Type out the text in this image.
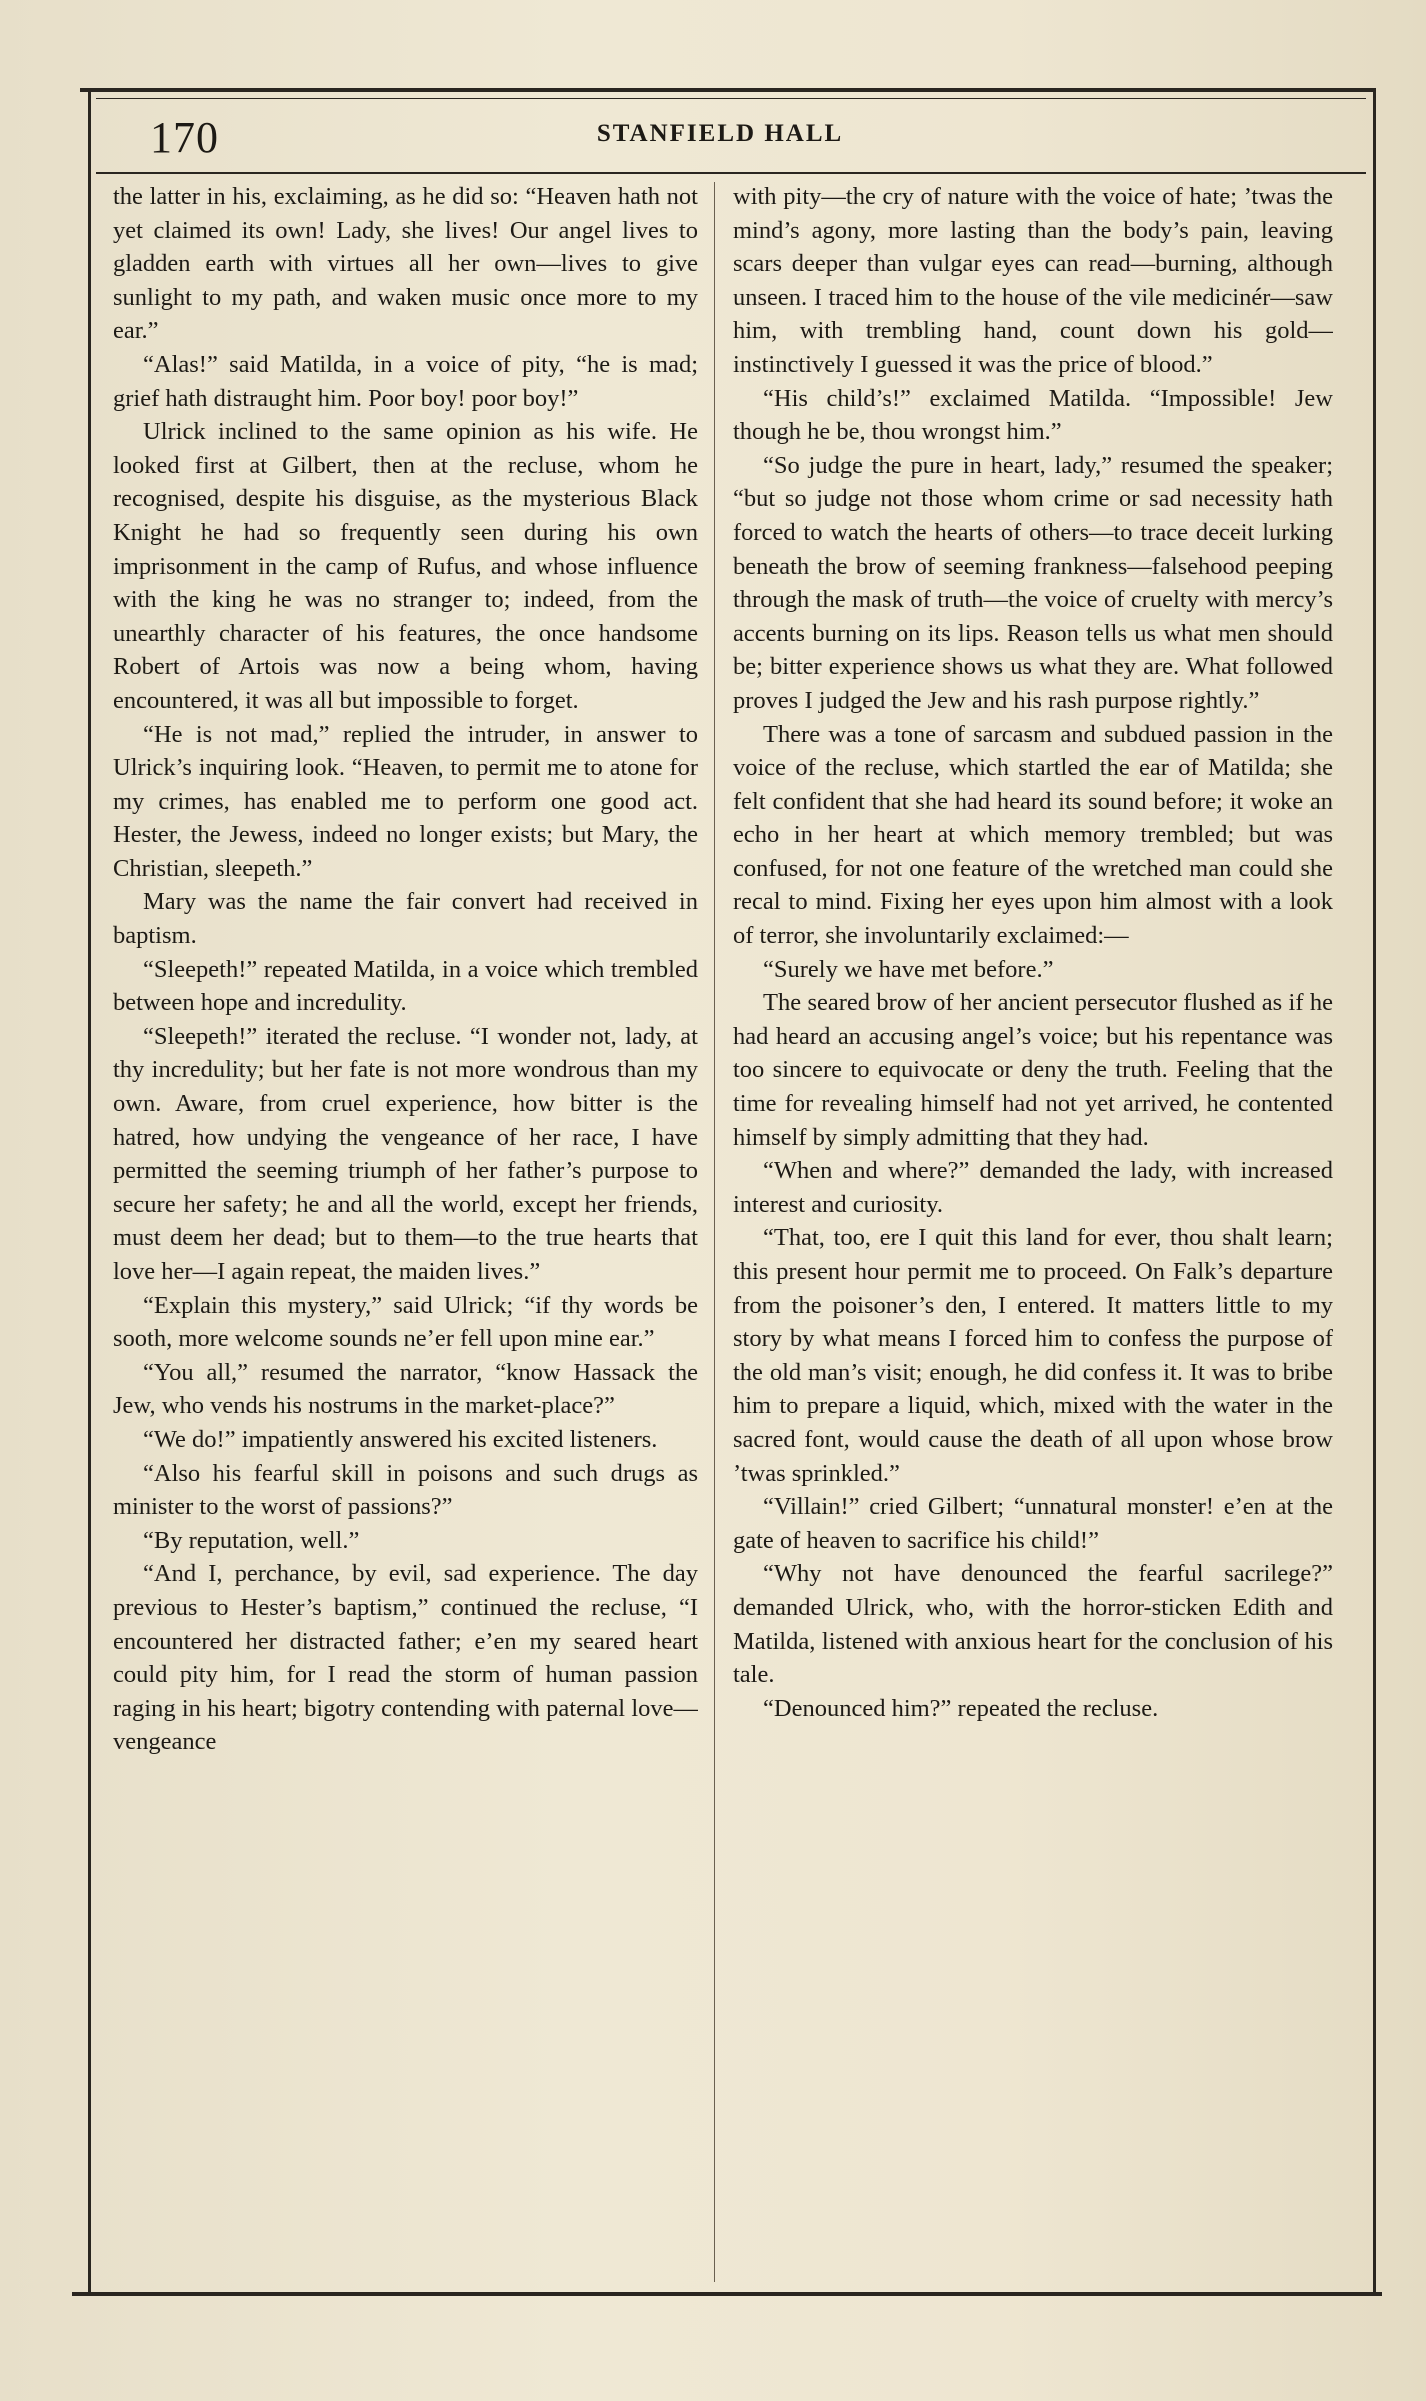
170	STANFIELD HALL

the latter in his, exclaiming, as he did so: “Heaven hath not yet claimed its own! Lady, she lives! Our angel lives to gladden earth with virtues all her own—lives to give sunlight to my path, and waken music once more to my ear.”

“Alas!” said Matilda, in a voice of pity, “he is mad; grief hath distraught him. Poor boy! poor boy!”

Ulrick inclined to the same opinion as his wife. He looked first at Gilbert, then at the recluse, whom he recognised, despite his disguise, as the mysterious Black Knight he had so frequently seen during his own imprisonment in the camp of Rufus, and whose influence with the king he was no stranger to; indeed, from the unearthly character of his features, the once handsome Robert of Artois was now a being whom, having encountered, it was all but impossible to forget.

“He is not mad,” replied the intruder, in answer to Ulrick’s inquiring look. “Heaven, to permit me to atone for my crimes, has enabled me to perform one good act. Hester, the Jewess, indeed no longer exists; but Mary, the Christian, sleepeth.”

Mary was the name the fair convert had received in baptism.

“Sleepeth!” repeated Matilda, in a voice which trembled between hope and incredulity.

“Sleepeth!” iterated the recluse. “I wonder not, lady, at thy incredulity; but her fate is not more wondrous than my own. Aware, from cruel experience, how bitter is the hatred, how undying the vengeance of her race, I have permitted the seeming triumph of her father’s purpose to secure her safety; he and all the world, except her friends, must deem her dead; but to them—to the true hearts that love her—I again repeat, the maiden lives.”

“Explain this mystery,” said Ulrick; “if thy words be sooth, more welcome sounds ne’er fell upon mine ear.”

“You all,” resumed the narrator, “know Hassack the Jew, who vends his nostrums in the market-place?”

“We do!” impatiently answered his excited listeners.

“Also his fearful skill in poisons and such drugs as minister to the worst of passions?”

“By reputation, well.”

“And I, perchance, by evil, sad experience. The day previous to Hester’s baptism,” continued the recluse, “I encountered her distracted father; e’en my seared heart could pity him, for I read the storm of human passion raging in his heart; bigotry contending with paternal love—vengeance

with pity—the cry of nature with the voice of hate; ’twas the mind’s agony, more lasting than the body’s pain, leaving scars deeper than vulgar eyes can read—burning, although unseen. I traced him to the house of the vile medicinér—saw him, with trembling hand, count down his gold—instinctively I guessed it was the price of blood.”

“His child’s!” exclaimed Matilda. “Impossible! Jew though he be, thou wrongst him.”

“So judge the pure in heart, lady,” resumed the speaker; “but so judge not those whom crime or sad necessity hath forced to watch the hearts of others—to trace deceit lurking beneath the brow of seeming frankness—falsehood peeping through the mask of truth—the voice of cruelty with mercy’s accents burning on its lips. Reason tells us what men should be; bitter experience shows us what they are. What followed proves I judged the Jew and his rash purpose rightly.”

There was a tone of sarcasm and subdued passion in the voice of the recluse, which startled the ear of Matilda; she felt confident that she had heard its sound before; it woke an echo in her heart at which memory trembled; but was confused, for not one feature of the wretched man could she recal to mind. Fixing her eyes upon him almost with a look of terror, she involuntarily exclaimed:—

“Surely we have met before.”

The seared brow of her ancient persecutor flushed as if he had heard an accusing angel’s voice; but his repentance was too sincere to equivocate or deny the truth. Feeling that the time for revealing himself had not yet arrived, he contented himself by simply admitting that they had.

“When and where?” demanded the lady, with increased interest and curiosity.

“That, too, ere I quit this land for ever, thou shalt learn; this present hour permit me to proceed. On Falk’s departure from the poisoner’s den, I entered. It matters little to my story by what means I forced him to confess the purpose of the old man’s visit; enough, he did confess it. It was to bribe him to prepare a liquid, which, mixed with the water in the sacred font, would cause the death of all upon whose brow ’twas sprinkled.”

“Villain!” cried Gilbert; “unnatural monster! e’en at the gate of heaven to sacrifice his child!”

“Why not have denounced the fearful sacrilege?” demanded Ulrick, who, with the horror-sticken Edith and Matilda, listened with anxious heart for the conclusion of his tale.

“Denounced him?” repeated the recluse.
